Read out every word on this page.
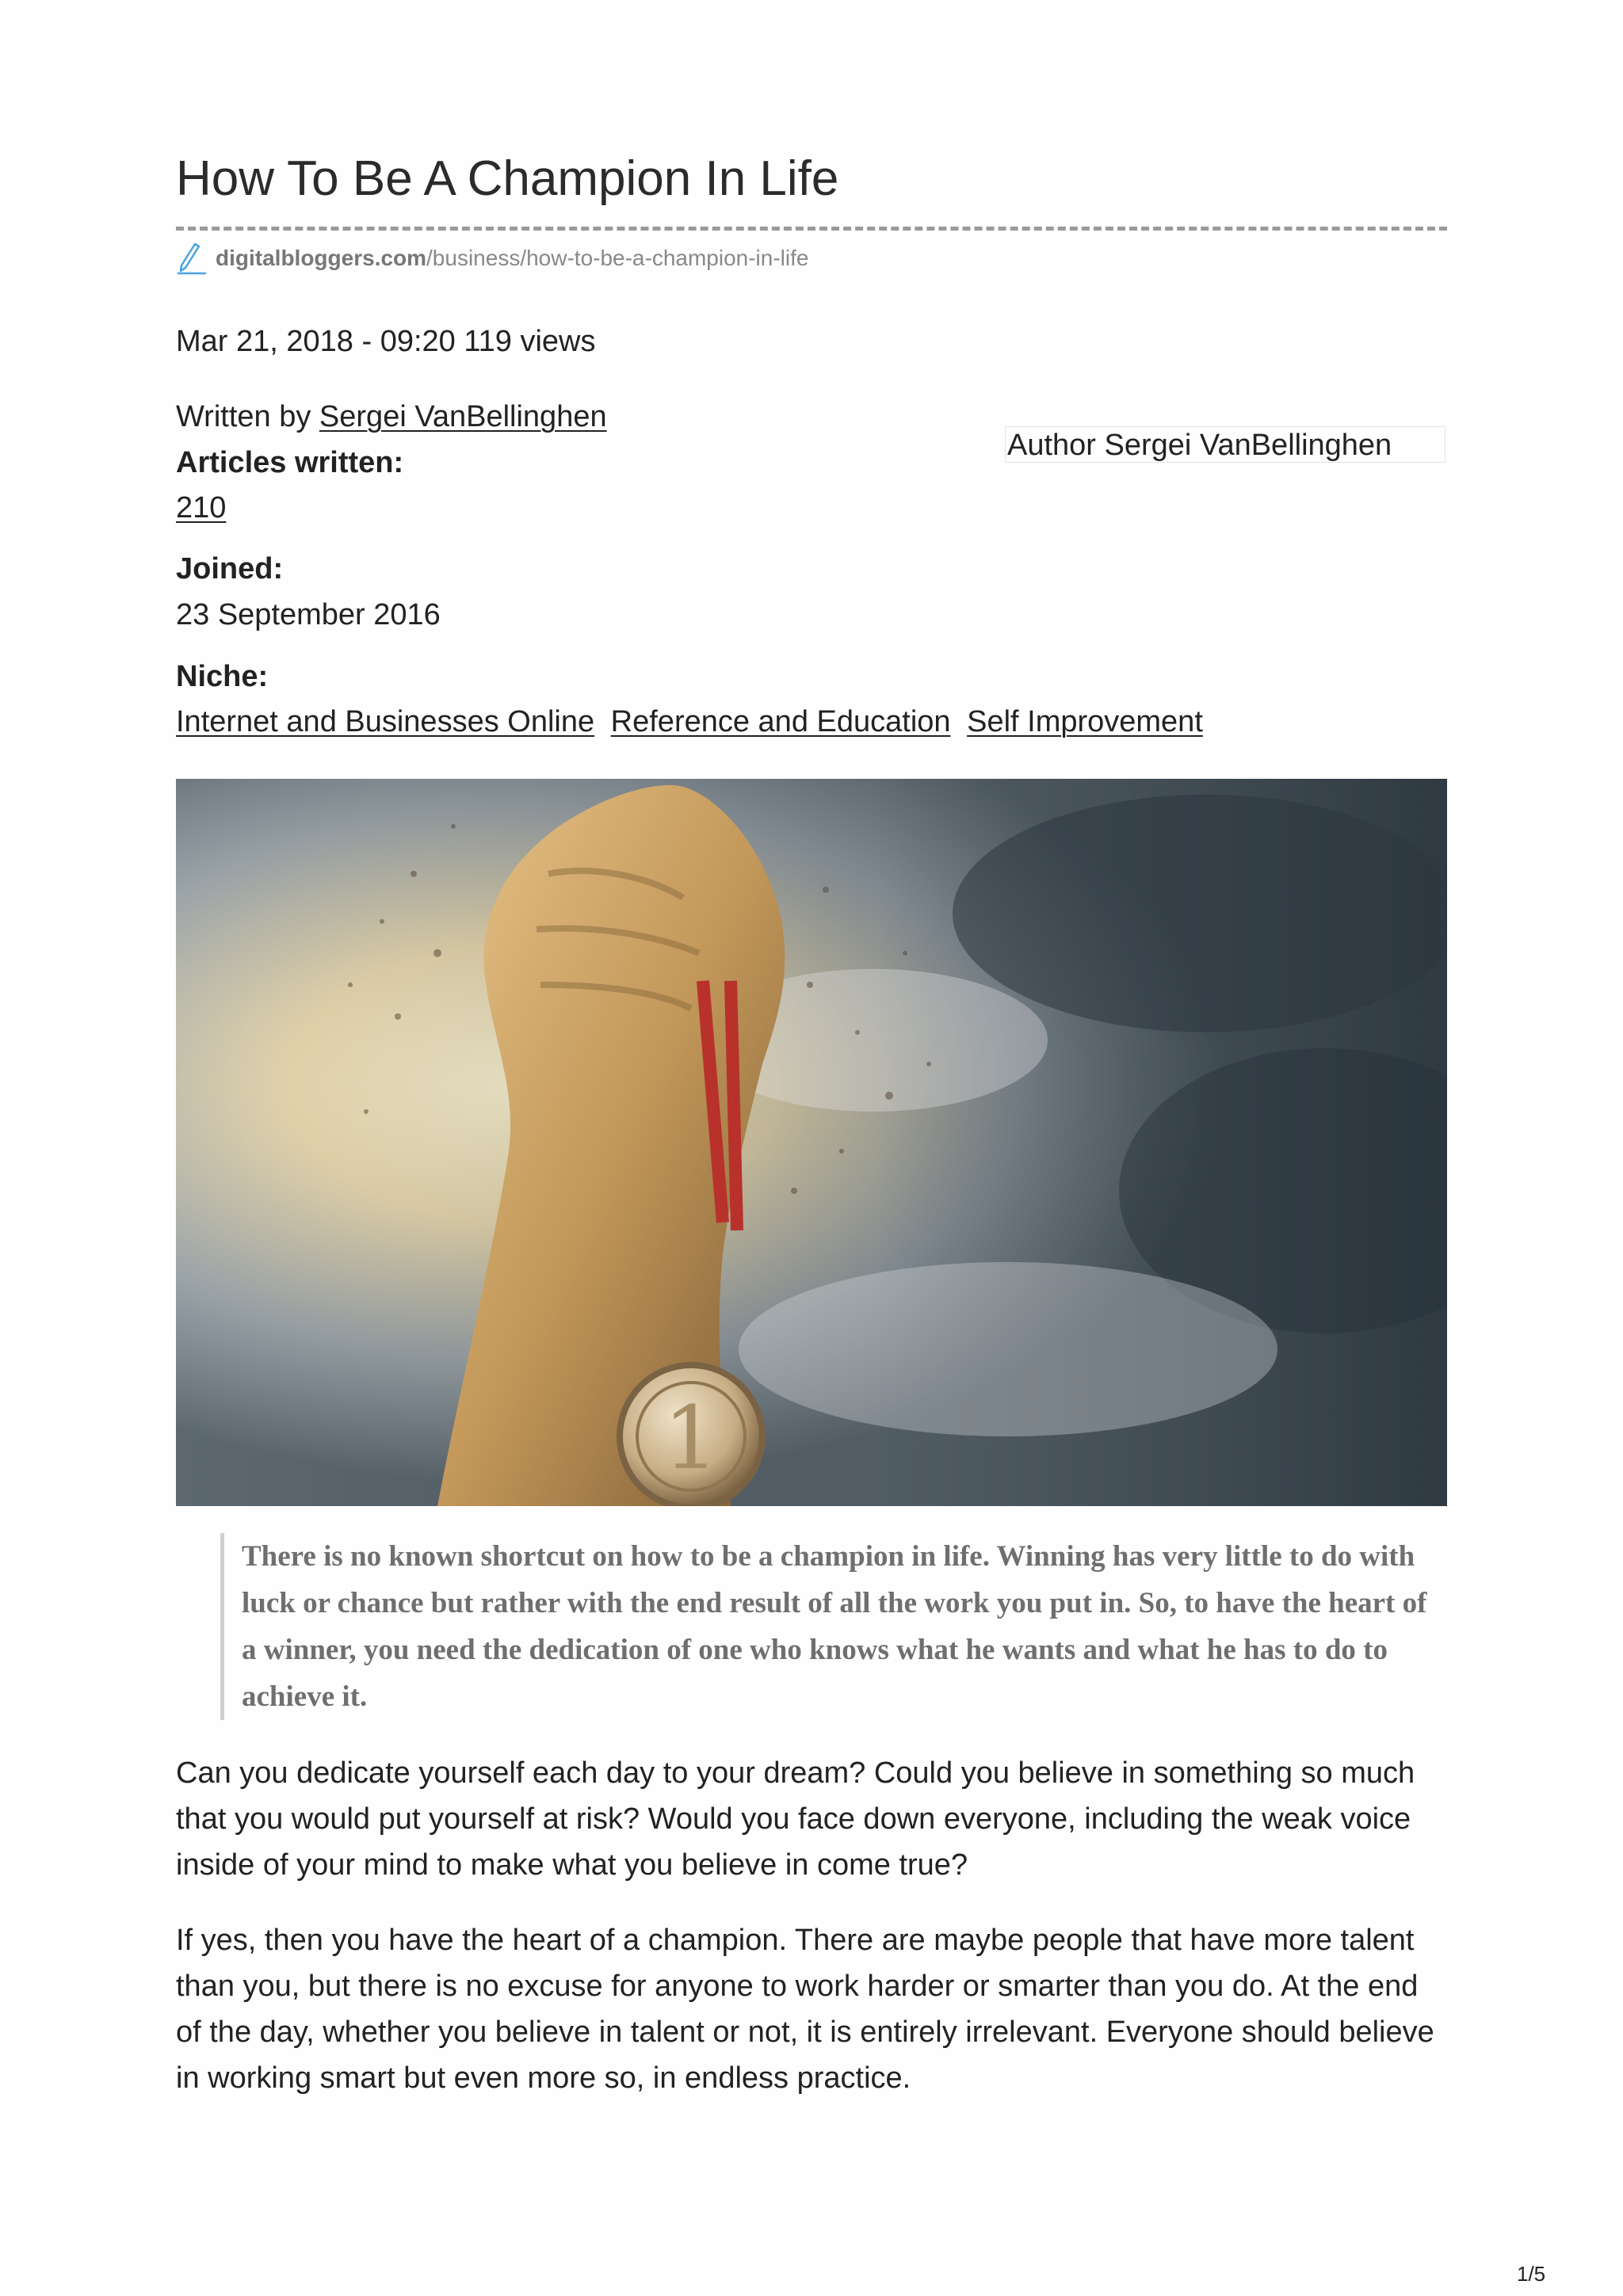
How To Be A Champion In Life
digitalbloggers.com /business/how-to-be-a-champion-in-life
Mar 21, 2018 - 09:20 119 views
Written by Sergei VanBellinghen
Author Sergei VanBellinghen
Articles written:
210
Joined:
23 September 2016
Niche:
Internet and Businesses Online Reference and Education Self Improvement
1
There is no known shortcut on how to be a champion in life. Winning has very little to do with luck or chance but rather with the end result of all the work you put in. So, to have the heart of a winner, you need the dedication of one who knows what he wants and what he has to do to achieve it.

Can you dedicate yourself each day to your dream? Could you believe in something so much that you would put yourself at risk? Would you face down everyone, including the weak voice inside of your mind to make what you believe in come true?

If yes, then you have the heart of a champion. There are maybe people that have more talent than you, but there is no excuse for anyone to work harder or smarter than you do. At the end of the day, whether you believe in talent or not, it is entirely irrelevant. Everyone should believe in working smart but even more so, in endless practice.

1/5
